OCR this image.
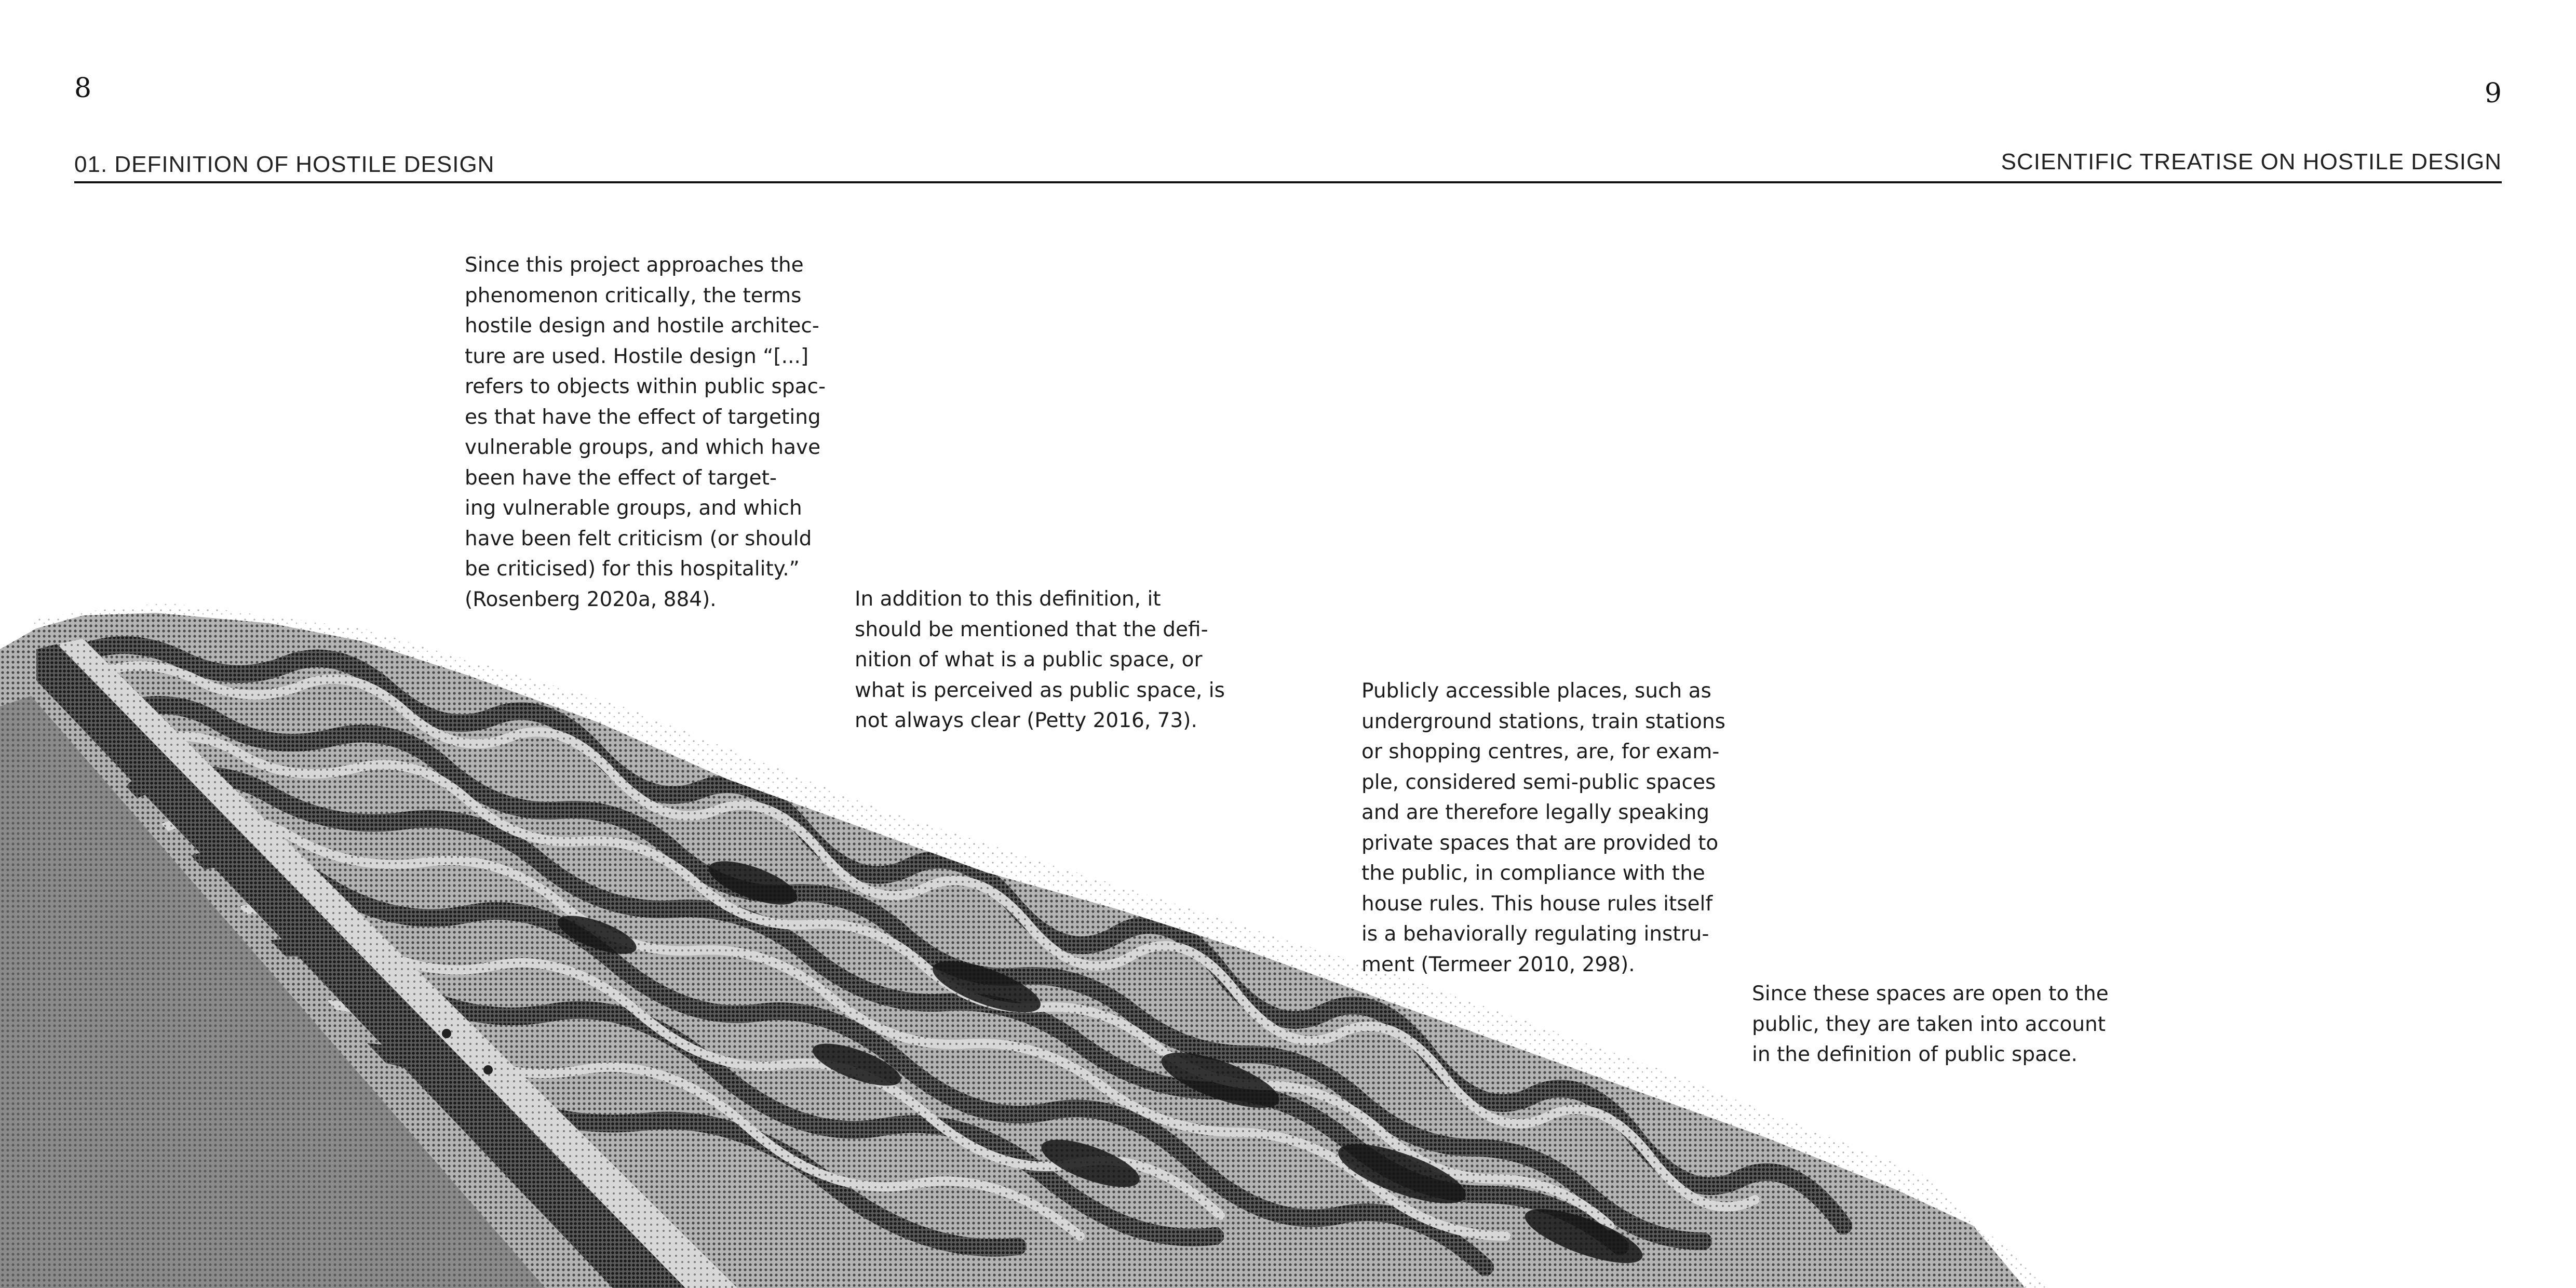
8	9
01. DEFINITION OF HOSTILE DESIGN	SCIENTIFIC TREATISE ON HOSTILE DESIGN
Since this project approaches the
phenomenon critically, the terms
hostile design and hostile architec-
ture are used. Hostile design “[...]
refers to objects within public spac-
es that have the effect of targeting
vulnerable groups, and which have
been have the effect of target-
ing vulnerable groups, and which
have been felt criticism (or should
be criticised) for this hospitality.”
(Rosenberg 2020a, 884).	In addition to this definition, it
should be mentioned that the defi-
nition of what is a public space, or
what is perceived as public space, is
not always clear (Petty 2016, 73).
Publicly accessible places, such as
underground stations, train stations
or shopping centres, are, for exam-
ple, considered semi-public spaces
and are therefore legally speaking
private spaces that are provided to
the public, in compliance with the
house rules. This house rules itself
is a behaviorally regulating instru-
ment (Termeer 2010, 298).
Since these spaces are open to the
public, they are taken into account
in the definition of public space.
